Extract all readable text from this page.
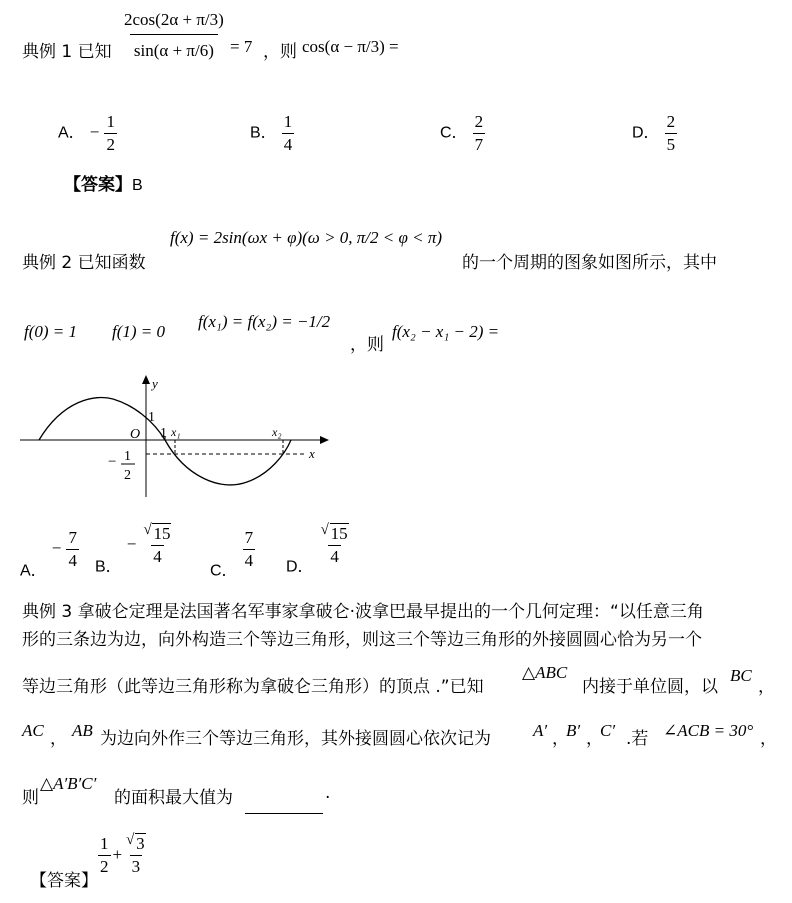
典例 1 已知 $\frac{2\cos(2\alpha + \pi/3)}{\sin(\alpha + \pi/6)} = 7$ ，则 cos(α − π/3) =
A． − $\frac{1}{2}$	B． $\frac{1}{4}$	C． $\frac{2}{7}$	D． $\frac{2}{5}$
【答案】B
典例 2 已知函数
f(x) = 2sin(ωx + φ)(ω > 0, π/2 < φ < π)
的一个周期的图象如图所示，其中
f(0) = 1 f(1) = 0
f(x₁) = f(x₂) = −1/2
，则
f(x₂ − x₁ − 2) =
y
x
O
1
1 x₁	x₂
− 1
2
A． − $\frac{7}{4}$ B． − $\frac{√ 15}{4}$
C．
$\frac{7}{4}$ D．
$\frac{√ 15}{4}$
典例 3 拿破仑定理是法国著名军事家拿破仑·波拿巴最早提出的一个几何定理：“以任意三角
形的三条边为边，向外构造三个等边三角形，则这三个等边三角形的外接圆圆心恰为另一个
等边三角形（此等边三角形称为拿破仑三角形）的顶点 .”已知
△ABC
内接于单位圆，以
BC
，
AC ， AB 为边向外作三个等边三角形，其外接圆圆心依次记为 A′ ，
B′ ，
C′ .若 ∠ACB = 30° ，
则
△A′B′C′
的面积最大值为	.
【答案】
$\frac{1}{2} + \frac{√ 3}{3}$
